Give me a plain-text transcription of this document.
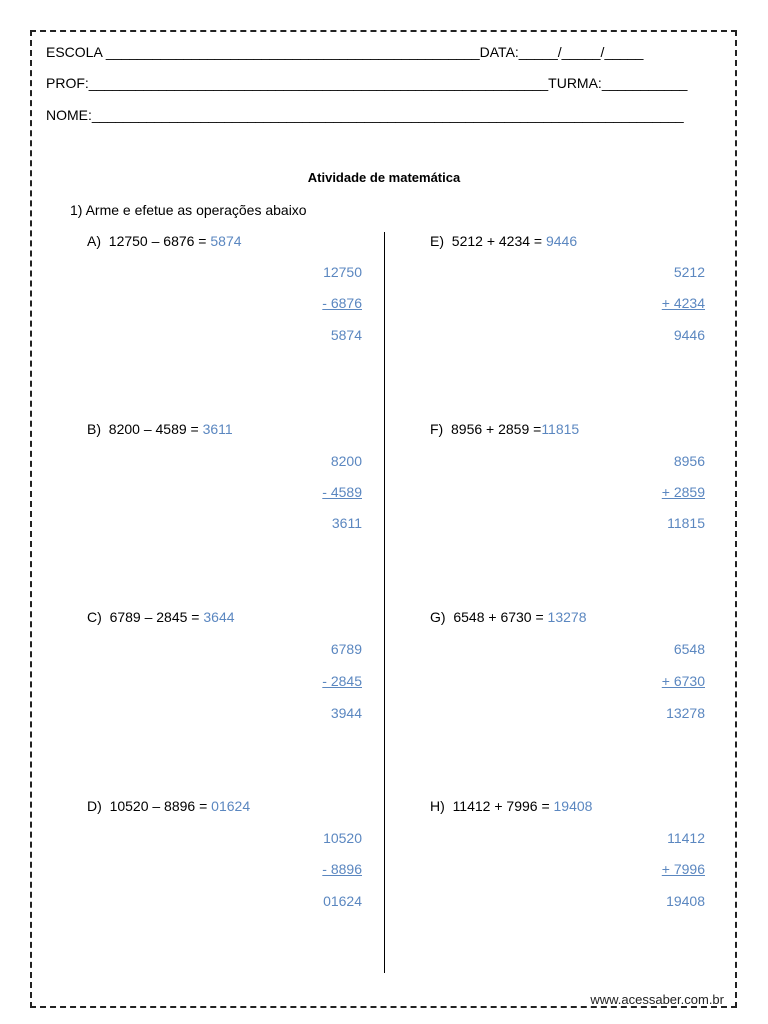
ESCOLA ________________________________________________DATA:_____/_____/_____
PROF:___________________________________________________________TURMA:___________
NOME:____________________________________________________________________________
Atividade de matemática
1) Arme e efetue as operações abaixo
A) 12750 – 6876 = 5874
12750
- 6876
5874
B) 8200 – 4589 = 3611
8200
- 4589
3611
C) 6789 – 2845 = 3644
6789
- 2845
3944
D) 10520 – 8896 = 01624
10520
- 8896
01624
E) 5212 + 4234 = 9446
5212
+ 4234
9446
F) 8956 + 2859 =11815
8956
+ 2859
11815
G) 6548 + 6730 = 13278
6548
+ 6730
13278
H) 11412 + 7996 = 19408
11412
+ 7996
19408
www.acessaber.com.br
